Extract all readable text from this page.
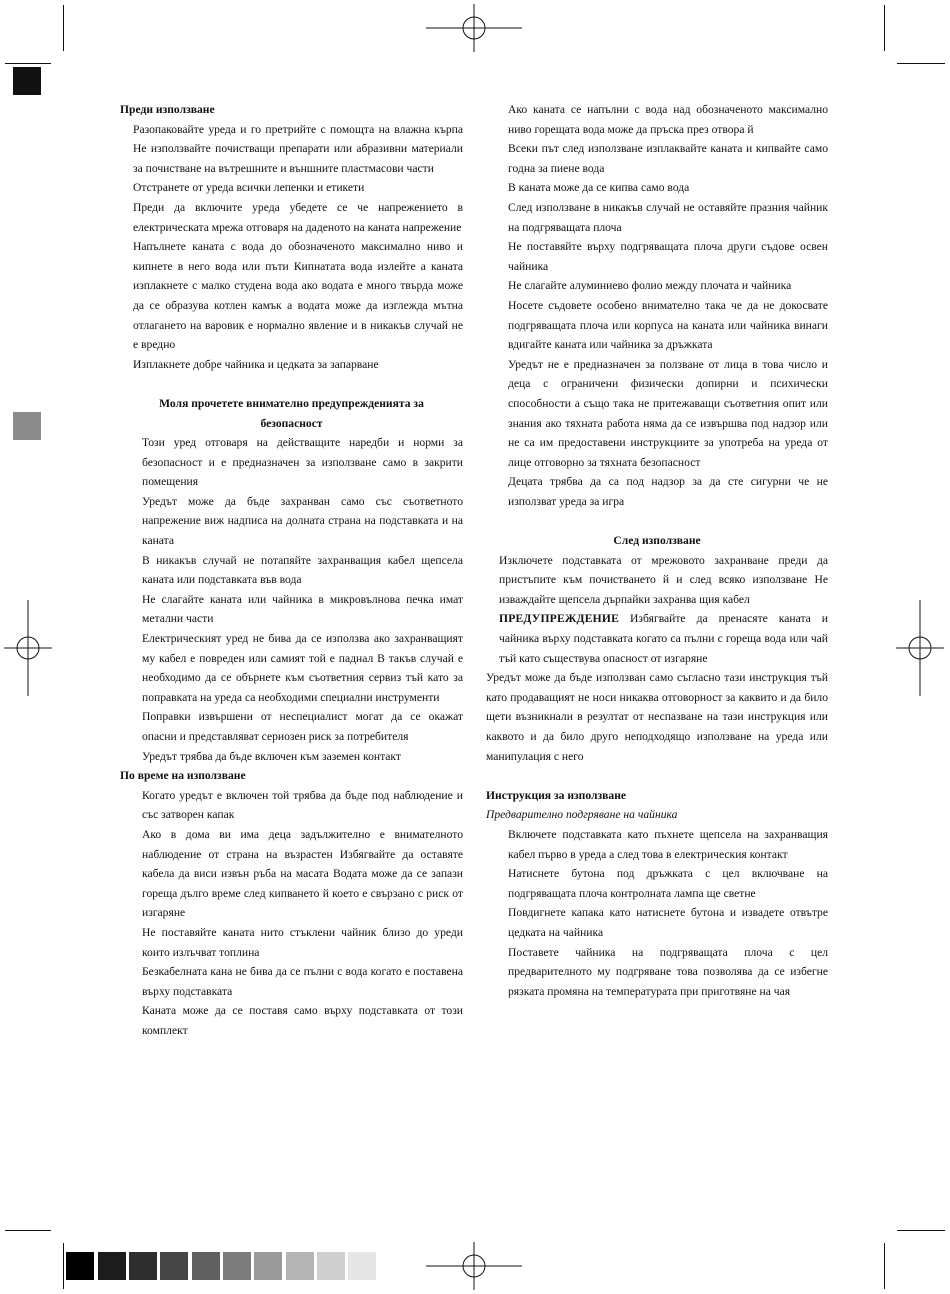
Преди използване

Разопаковайте уреда и го претрийте с помощта на влажна кърпа Не използвайте почистващи препарати или абразивни материали за почистване на вътрешните и външните пластмасови части

Отстранете от уреда всички лепенки и етикети

Преди да включите уреда убедете се че напрежението в електрическата мрежа отговаря на даденото на каната напрежение

Напълнете каната с вода до обозначеното максимално ниво и кипнете в него вода или пъти Кипнатата вода излейте а каната изплакнете с малко студена вода ако водата е много твърда може да се образува котлен камък а водата може да изглежда мътна отлагането на варовик е нормално явление и в никакъв случай не е вредно

Изплакнете добре чайника и цедката за запарване

Моля прочетете внимателно предупрежденията за безопасност

Този уред отговаря на действащите наредби и норми за безопасност и е предназначен за използване само в закрити помещения

Уредът може да бъде захранван само със съответното напрежение виж надписа на долната страна на подставката и на каната

В никакъв случай не потапяйте захранващия кабел щепсела каната или подставката във вода

Не слагайте каната или чайника в микровълнова печка имат метални части

Електрическият уред не бива да се използва ако захранващият му кабел е повреден или самият той е паднал В такъв случай е необходимо да се обърнете към съответния сервиз тъй като за поправката на уреда са необходими специални инструменти

Поправки извършени от неспециалист могат да се окажат опасни и представляват сериозен риск за потребителя

Уредът трябва да бъде включен към заземен контакт

По време на използване

Когато уредът е включен той трябва да бъде под наблюдение и със затворен капак

Ако в дома ви има деца задължително е внимателното наблюдение от страна на възрастен Избягвайте да оставяте кабела да виси извън ръба на масата Водата може да се запази гореща дълго време след кипването й което е свързано с риск от изгаряне

Не поставяйте каната нито стъклени чайник близо до уреди които излъчват топлина

Безкабелната кана не бива да се пълни с вода когато е поставена върху подставката

Каната може да се поставя само върху подставката от този комплект

Ако каната се напълни с вода над обозначеното максимално ниво горещата вода може да пръска през отвора й

Всеки път след използване изплаквайте каната и кипвайте само годна за пиене вода

В каната може да се кипва само вода

След използване в никакъв случай не оставяйте празния чайник на подгряващата плоча

Не поставяйте върху подгряващата плоча други съдове освен чайника

Не слагайте алуминиево фолио между плочата и чайника

Носете съдовете особено внимателно така че да не докосвате подгряващата плоча или корпуса на каната или чайника винаги вдигайте каната или чайника за дръжката

Уредът не е предназначен за ползване от лица в това число и деца с ограничени физически допирни и психически способности а също така не притежаващи съответния опит или знания ако тяхната работа няма да се извършва под надзор или не са им предоставени инструкциите за употреба на уреда от лице отговорно за тяхната безопасност

Децата трябва да са под надзор за да сте сигурни че не използват уреда за игра

След използване

Изключете подставката от мрежовото захранване преди да пристъпите към почистването й и след всяко използване Не изваждайте щепсела дърпайки захранва щия кабел

ПРЕДУПРЕЖДЕНИЕ Избягвайте да пренасяте каната и чайника върху подставката когато са пълни с гореща вода или чай тъй като съществува опасност от изгаряне

Уредът може да бъде използван само съгласно тази инструкция тъй като продаващият не носи никаква отговорност за каквито и да било щети възникнали в резултат от неспазване на тази инструкция или каквото и да било друго неподходящо използване на уреда или манипулация с него

Инструкция за използване
Предварително подгряване на чайника

Включете подставката като пъхнете щепсела на захранващия кабел първо в уреда а след това в електрическия контакт

Натиснете бутона под дръжката с цел включване на подгряващата плоча контролната лампа ще светне

Повдигнете капака като натиснете бутона и извадете отвътре цедката на чайника

Поставете чайника на подгряващата плоча с цел предварителното му подгряване това позволява да се избегне рязката промяна на температурата при приготвяне на чая
